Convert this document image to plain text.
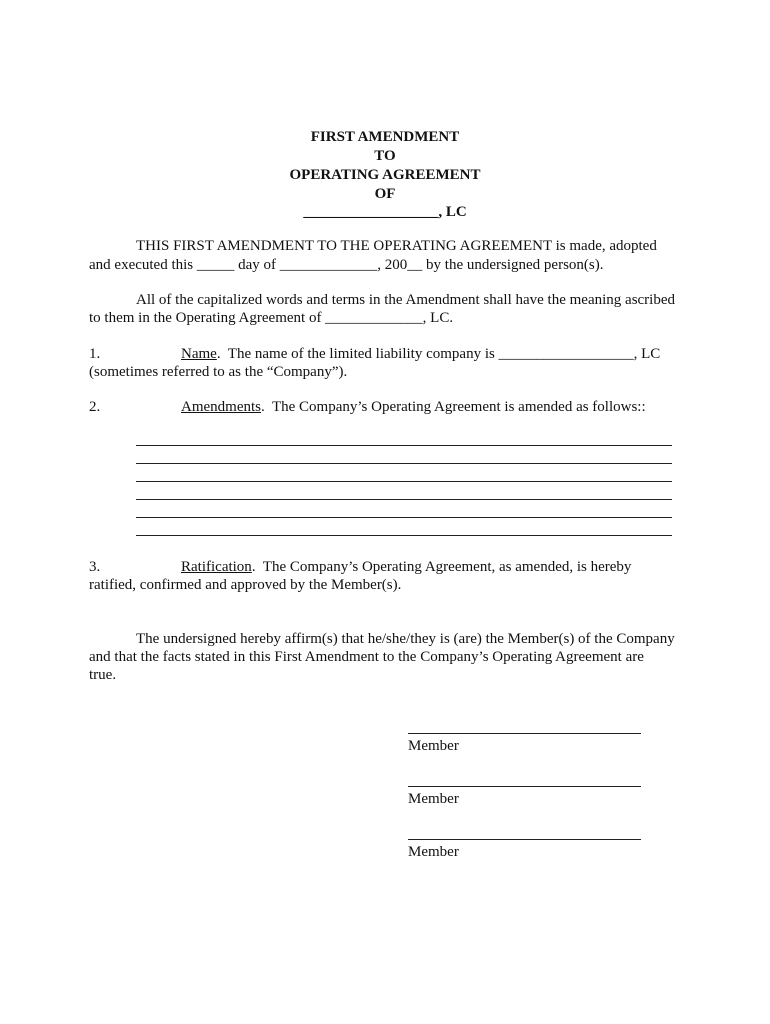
FIRST AMENDMENT
TO
OPERATING AGREEMENT
OF
__________________, LC
THIS FIRST AMENDMENT TO THE OPERATING AGREEMENT is made, adopted
and executed this _____ day of _____________, 200__ by the undersigned person(s).
All of the capitalized words and terms in the Amendment shall have the meaning ascribed
to them in the Operating Agreement of _____________, LC.
1.	Name.  The name of the limited liability company is __________________, LC
(sometimes referred to as the “Company”).
2.	Amendments.  The Company’s Operating Agreement is amended as follows::
3.	Ratification.  The Company’s Operating Agreement, as amended, is hereby
ratified, confirmed and approved by the Member(s).
The undersigned hereby affirm(s) that he/she/they is (are) the Member(s) of the Company
and that the facts stated in this First Amendment to the Company’s Operating Agreement are
true.
Member
Member
Member
